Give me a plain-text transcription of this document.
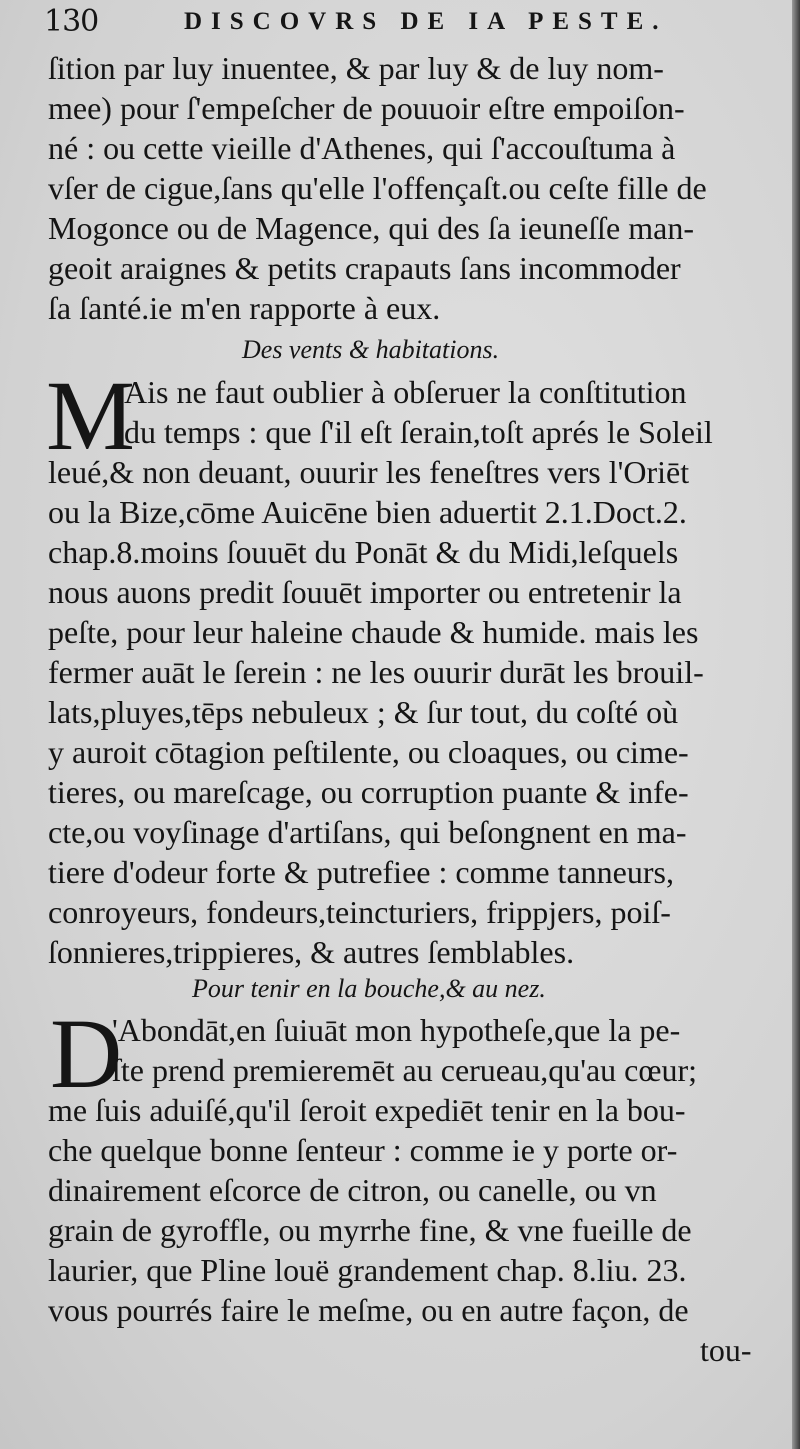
130	DISCOVRS DE IA PESTE.
ſition par luy inuentee, & par luy & de luy nom-
mee) pour ſ'empeſcher de pouuoir eſtre empoiſon-
né : ou cette vieille d'Athenes, qui ſ'accouſtuma à
vſer de cigue,ſans qu'elle l'offençaſt.ou ceſte fille de
Mogonce ou de Magence, qui des ſa ieuneſſe man-
geoit araignes & petits crapauts ſans incommoder
ſa ſanté.ie m'en rapporte à eux.
Des vents & habitations.
M
Ais ne faut oublier à obſeruer la conſtitution
du temps : que ſ'il eſt ſerain,toſt aprés le Soleil
leué,& non deuant, ouurir les feneſtres vers l'Oriēt
ou la Bize,cōme Auicēne bien aduertit 2.1.Doct.2.
chap.8.moins ſouuēt du Ponāt & du Midi,leſquels
nous auons predit ſouuēt importer ou entretenir la
peſte, pour leur haleine chaude & humide. mais les
fermer auāt le ſerein : ne les ouurir durāt les brouil-
lats,pluyes,tēps nebuleux ; & ſur tout, du coſté où
y auroit cōtagion peſtilente, ou cloaques, ou cime-
tieres, ou mareſcage, ou corruption puante & infe-
cte,ou voyſinage d'artiſans, qui beſongnent en ma-
tiere d'odeur forte & putrefiee : comme tanneurs,
conroyeurs, fondeurs,teincturiers, frippjers, poiſ-
ſonnieres,trippieres, & autres ſemblables.
Pour tenir en la bouche,& au nez.
D
'Abondāt,en ſuiuāt mon hypotheſe,que la pe-
ſte prend premieremēt au cerueau,qu'au cœur;
me ſuis aduiſé,qu'il ſeroit expediēt tenir en la bou-
che quelque bonne ſenteur : comme ie y porte or-
dinairement eſcorce de citron, ou canelle, ou vn
grain de gyroffle, ou myrrhe fine, & vne fueille de
laurier, que Pline louë grandement chap. 8.liu. 23.
vous pourrés faire le meſme, ou en autre façon, de
tou-
